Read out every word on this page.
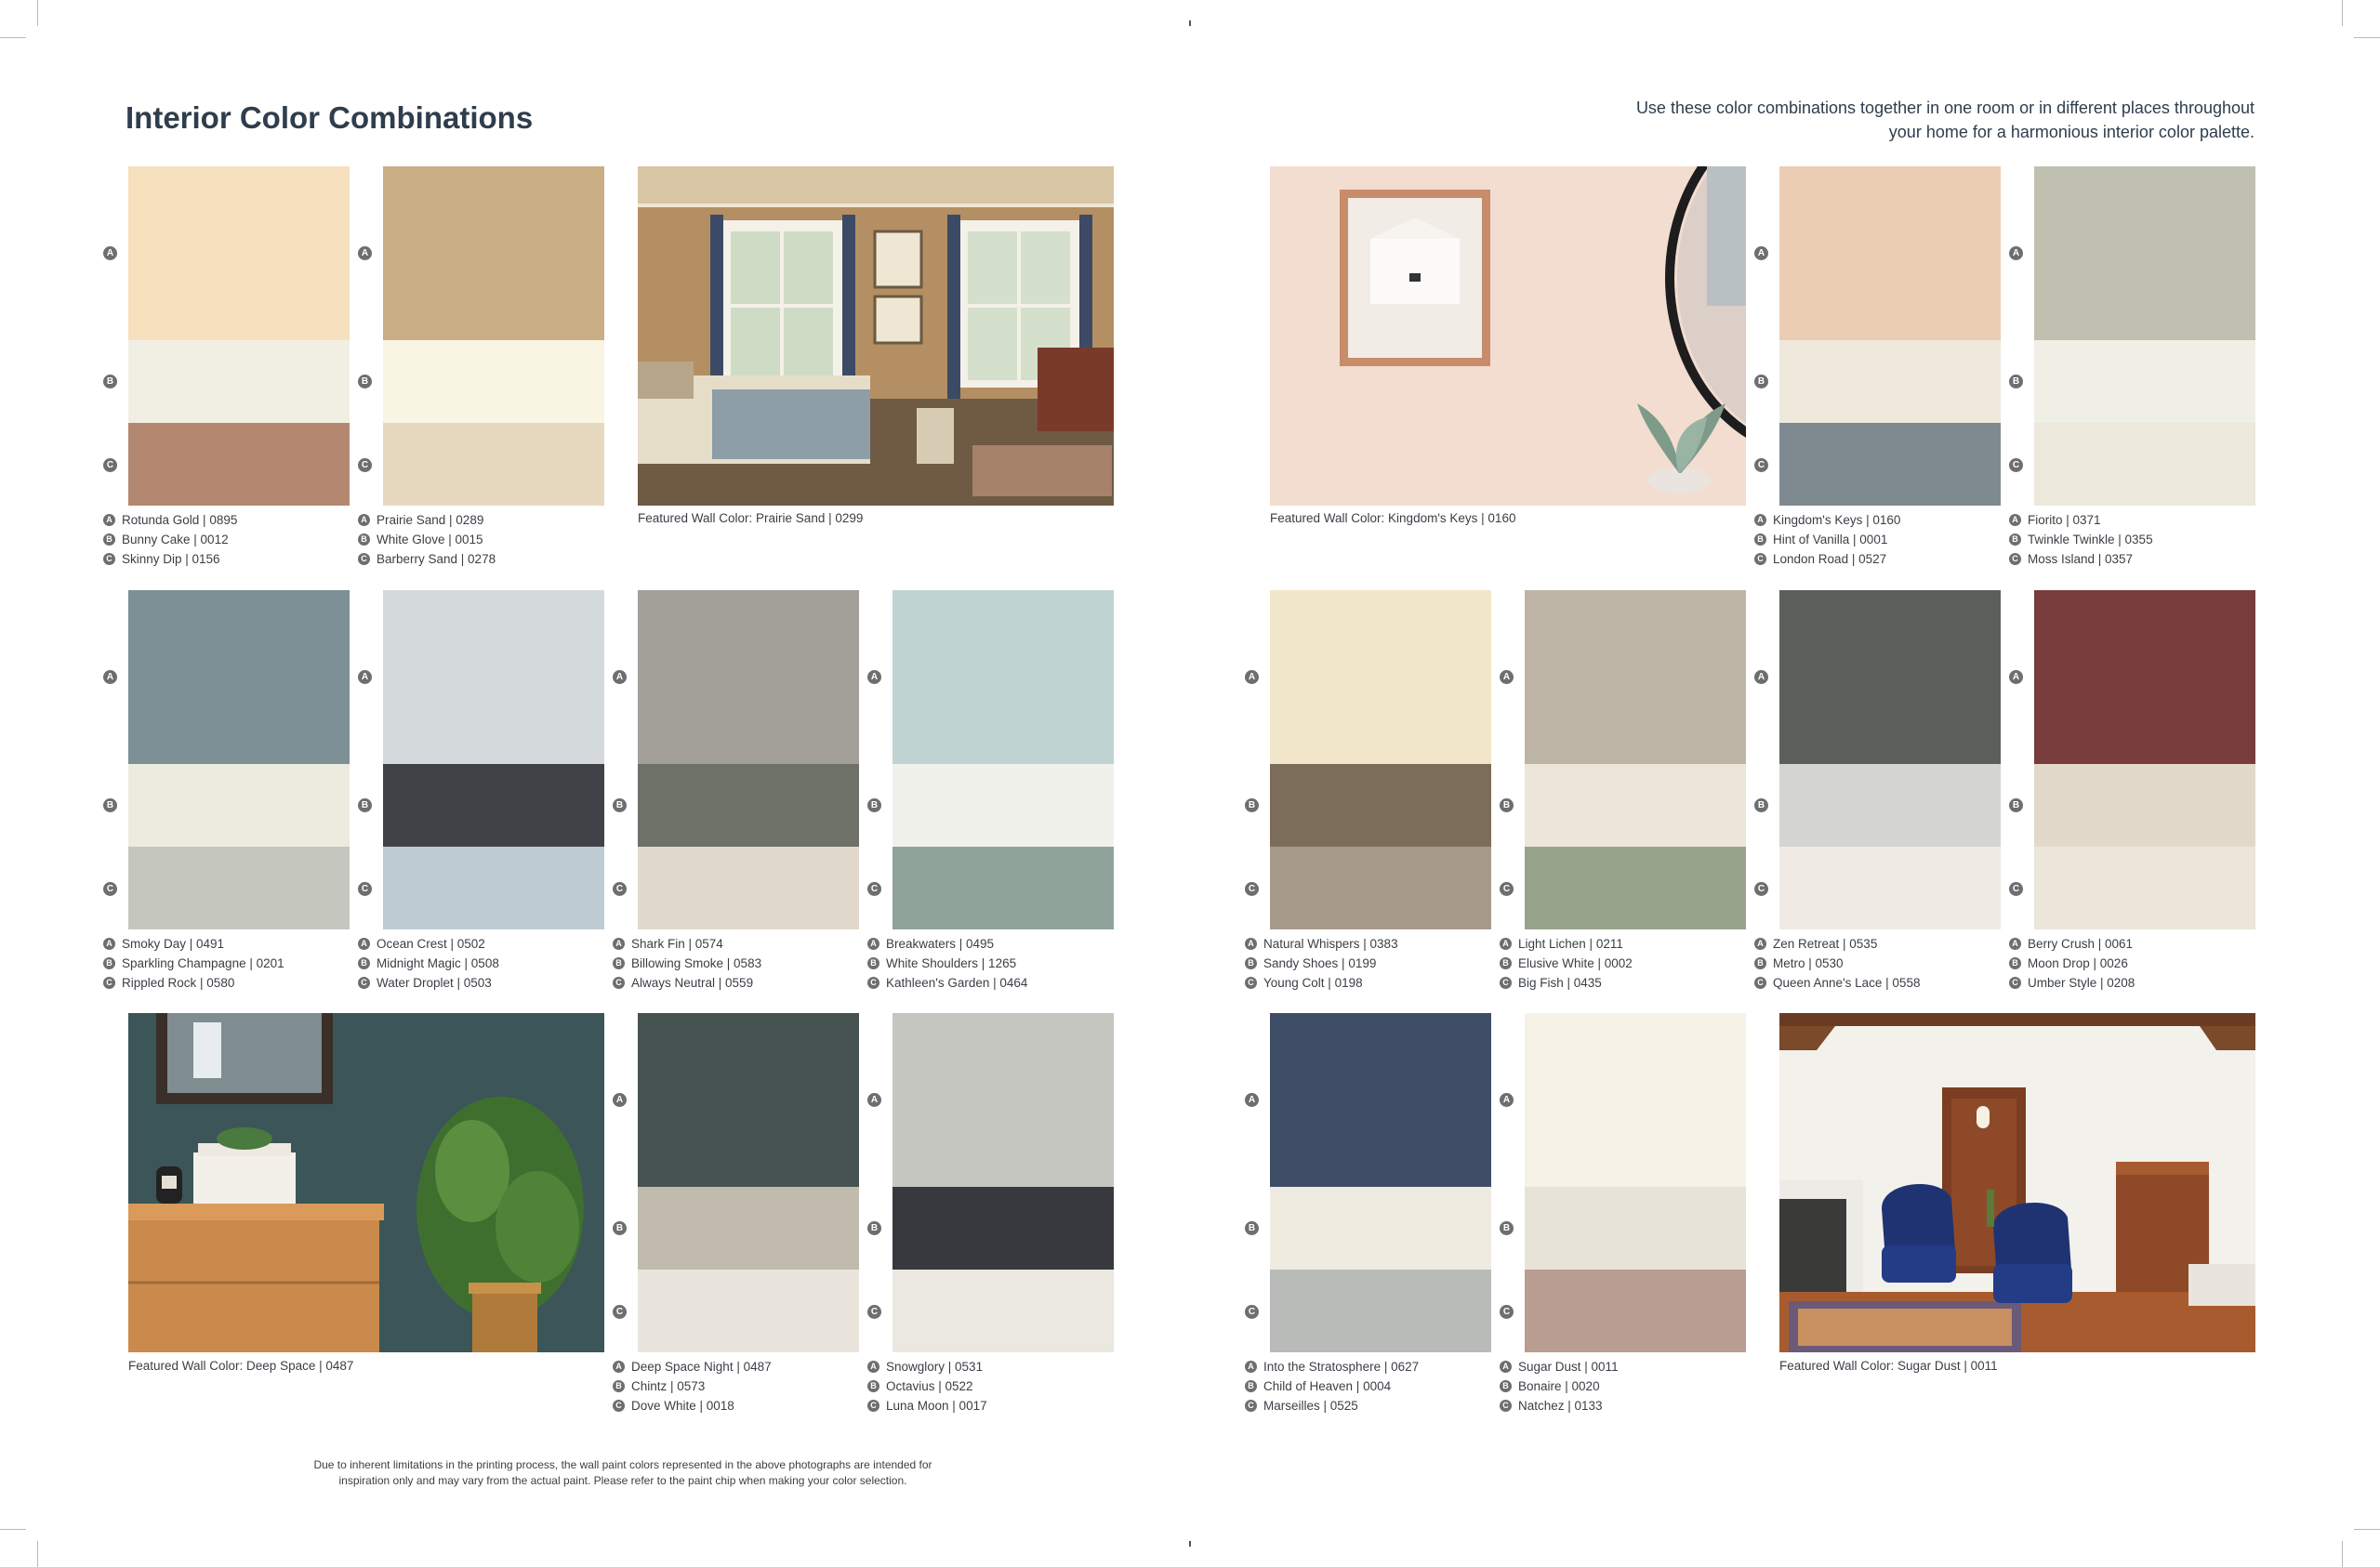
Interior Color Combinations	Use these color combinations together in one room or in different places throughout
your home for a harmonious interior color palette.
A
B
C
A Rotunda Gold | 0895
B Bunny Cake | 0012
C Skinny Dip | 0156
A
B
C
A Prairie Sand | 0289
B White Glove | 0015
C Barberry Sand | 0278
A
B
C
A Kingdom's Keys | 0160
B Hint of Vanilla | 0001
C London Road | 0527
A
B
C
A Fiorito | 0371
B Twinkle Twinkle | 0355
C Moss Island | 0357
A
B
C
A Smoky Day | 0491
B Sparkling Champagne | 0201
C Rippled Rock | 0580
A
B
C
A Ocean Crest | 0502
B Midnight Magic | 0508
C Water Droplet | 0503
A
B
C
A Shark Fin | 0574
B Billowing Smoke | 0583
C Always Neutral | 0559
A
B
C
A Breakwaters | 0495
B White Shoulders | 1265
C Kathleen's Garden | 0464
A
B
C
A Natural Whispers | 0383
B Sandy Shoes | 0199
C Young Colt | 0198
A
B
C
A Light Lichen | 0211
B Elusive White | 0002
C Big Fish | 0435
A
B
C
A Zen Retreat | 0535
B Metro | 0530
C Queen Anne's Lace | 0558
A
B
C
A Berry Crush | 0061
B Moon Drop | 0026
C Umber Style | 0208
A
B
C
A Deep Space Night | 0487
B Chintz | 0573
C Dove White | 0018
A
B
C
A Snowglory | 0531
B Octavius | 0522
C Luna Moon | 0017
A
B
C
A Into the Stratosphere | 0627
B Child of Heaven | 0004
C Marseilles | 0525
A
B
C
A Sugar Dust | 0011
B Bonaire | 0020
C Natchez | 0133
Featured Wall Color: Prairie Sand | 0299	Featured Wall Color: Kingdom's Keys | 0160
Featured Wall Color: Deep Space | 0487	Featured Wall Color: Sugar Dust | 0011
Due to inherent limitations in the printing process, the wall paint colors represented in the above photographs are intended for
inspiration only and may vary from the actual paint. Please refer to the paint chip when making your color selection.
